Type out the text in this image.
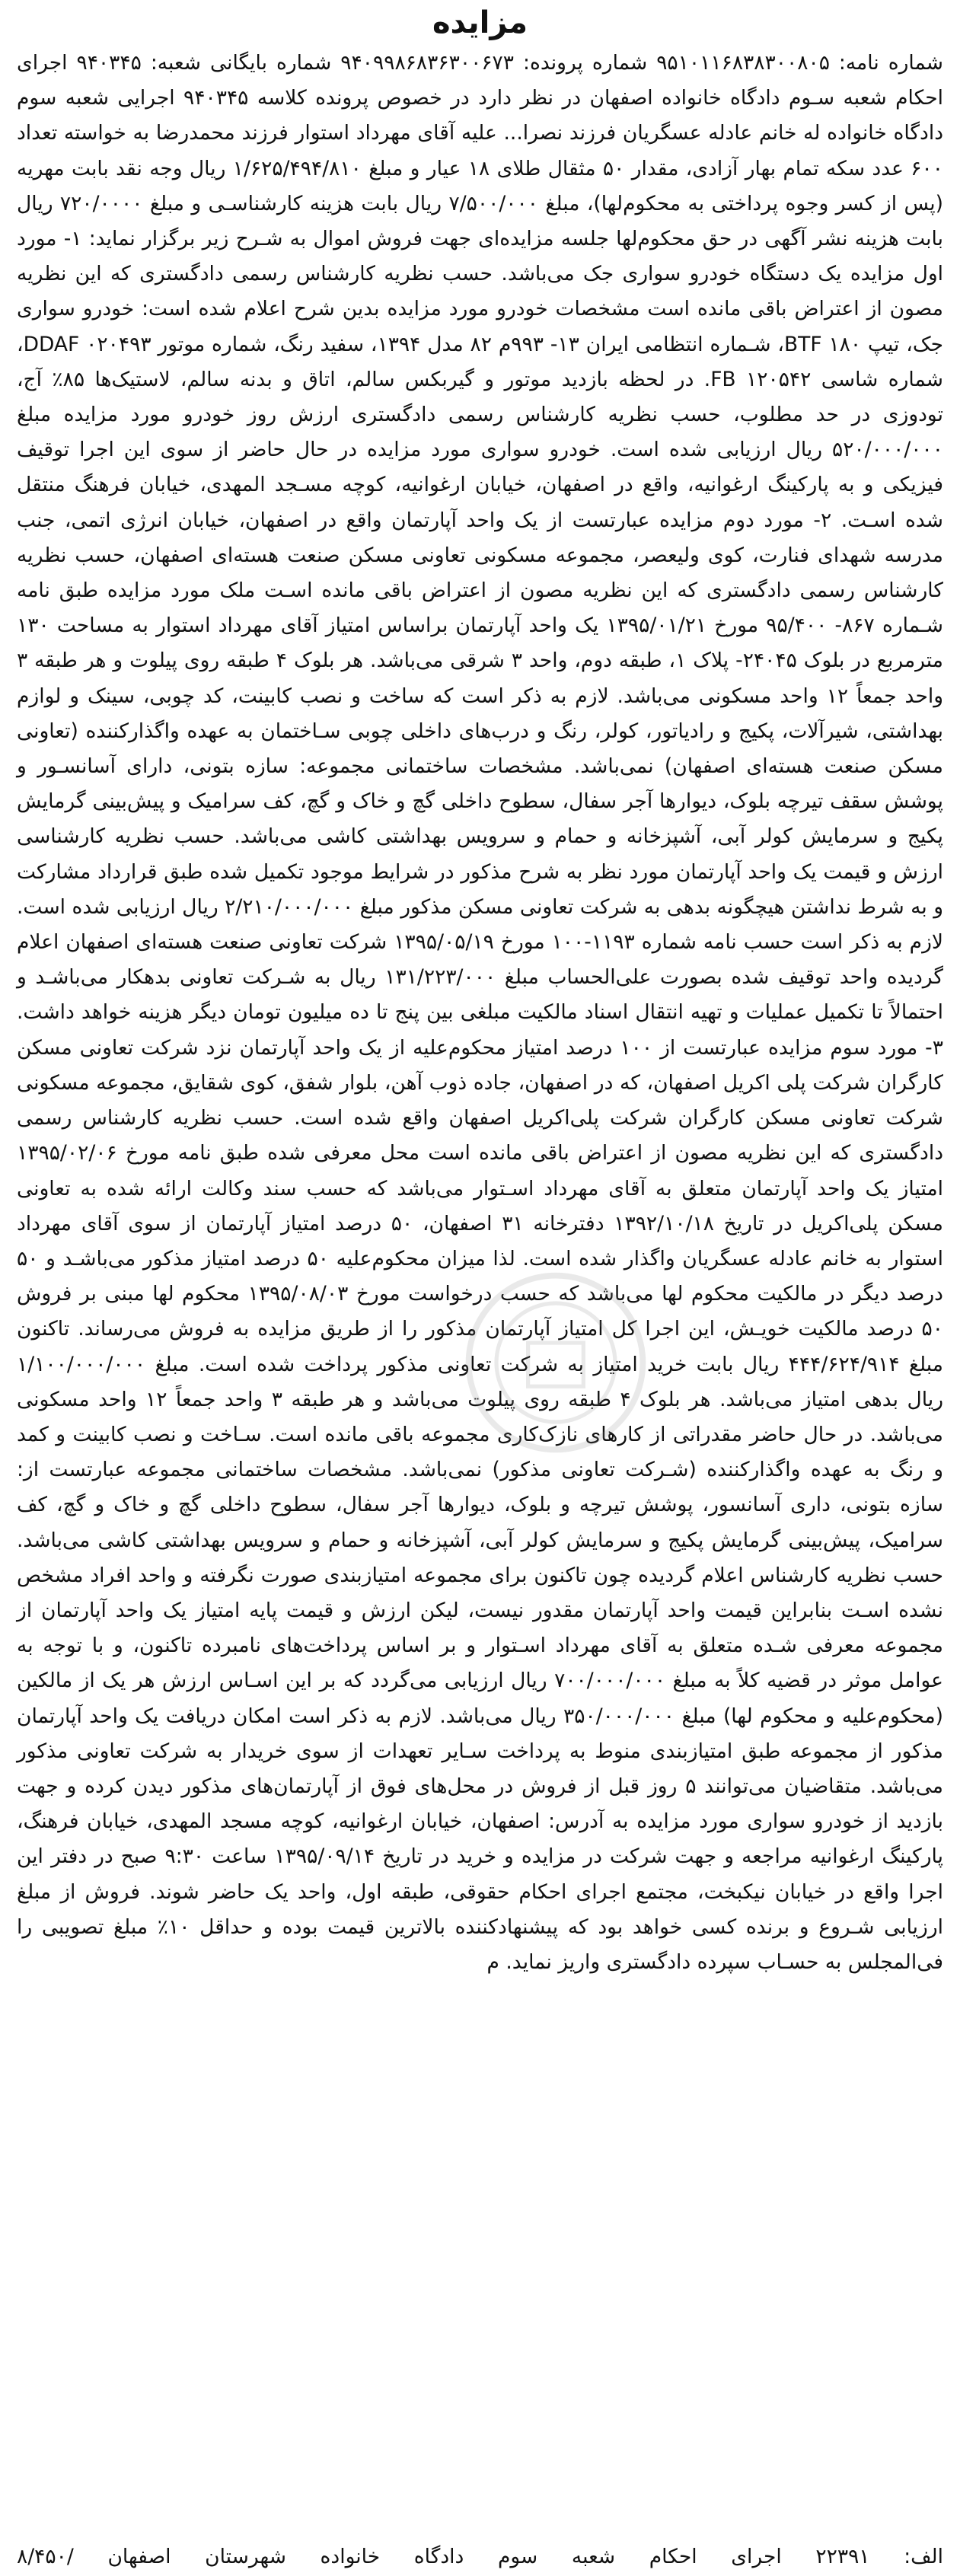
مزایده
شماره نامه: ۹۵۱۰۱۱۶۸۳۸۳۰۰۸۰۵ شماره پرونده: ۹۴۰۹۹۸۶۸۳۶۳۰۰۶۷۳ شماره بایگانی شعبه: ۹۴۰۳۴۵ اجرای احکام شعبه سـوم دادگاه خانواده اصفهان در نظر دارد در خصوص پرونده کلاسه ۹۴۰۳۴۵ اجرایی شعبه سوم دادگاه خانواده له خانم عادله عسگریان فرزند نصرا... علیه آقای مهرداد استوار فرزند محمدرضا به خواسته تعداد ۶۰۰ عدد سکه تمام بهار آزادی، مقدار ۵۰ مثقال طلای ۱۸ عیار و مبلغ ۱/۶۲۵/۴۹۴/۸۱۰ ریال وجه نقد بابت مهریه (پس از کسر وجوه پرداختی به محکوم‌لها)، مبلغ ۷/۵۰۰/۰۰۰ ریال بابت هزینه کارشناسـی و مبلغ ۷۲۰/۰۰۰۰ ریال بابت هزینه نشر آگهی در حق محکوم‌لها جلسه مزایده‌ای جهت فروش اموال به شـرح زیر برگزار نماید: ۱- مورد اول مزایده یک دستگاه خودرو سواری جک می‌باشد. حسب نظریه کارشناس رسمی دادگستری که این نظریه مصون از اعتراض باقی مانده است مشخصات خودرو مورد مزایده بدین شرح اعلام شده است: خودرو سواری جک، تیپ BTF ۱۸۰، شـماره انتظامی ایران ۱۳- ۹۹۳م ۸۲ مدل ۱۳۹۴، سفید رنگ، شماره موتور ۰۲۰۴۹۳ DDAF، شماره شاسی ۱۲۰۵۴۲ FB. در لحظه بازدید موتور و گیربکس سالم، اتاق و بدنه سالم، لاستیک‌ها ۸۵٪ آج، تودوزی در حد مطلوب، حسب نظریه کارشناس رسمی دادگستری ارزش روز خودرو مورد مزایده مبلغ ۵۲۰/۰۰۰/۰۰۰ ریال ارزیابی شده است. خودرو سواری مورد مزایده در حال حاضر از سوی این اجرا توقیف فیزیکی و به پارکینگ ارغوانیه، واقع در اصفهان، خیابان ارغوانیه، کوچه مسـجد المهدی، خیابان فرهنگ منتقل شده اسـت. ۲- مورد دوم مزایده عبارتست از یک واحد آپارتمان واقع در اصفهان، خیابان انرژی اتمی، جنب مدرسه شهدای فنارت، کوی ولیعصر، مجموعه مسکونی تعاونی مسکن صنعت هسته‌ای اصفهان، حسب نظریه کارشناس رسمی دادگستری که این نظریه مصون از اعتراض باقی مانده اسـت ملک مورد مزایده طبق نامه شـماره ۸۶۷- ۹۵/۴۰۰ مورخ ۱۳۹۵/۰۱/۲۱ یک واحد آپارتمان براساس امتیاز آقای مهرداد استوار به مساحت ۱۳۰ مترمربع در بلوک ۲۴۰۴۵- پلاک ۱، طبقه دوم، واحد ۳ شرقی می‌باشد. هر بلوک ۴ طبقه روی پیلوت و هر طبقه ۳ واحد جمعاً ۱۲ واحد مسکونی می‌باشد. لازم به ذکر است که ساخت و نصب کابینت، کد چوبی، سینک و لوازم بهداشتی، شیرآلات، پکیج و رادیاتور، کولر، رنگ و درب‌های داخلی چوبی سـاختمان به عهده واگذارکننده (تعاونی مسکن صنعت هسته‌ای اصفهان) نمی‌باشد. مشخصات ساختمانی مجموعه: سازه بتونی، دارای آسانسـور و پوشش سقف تیرچه بلوک، دیوارها آجر سفال، سطوح داخلی گچ و خاک و گچ، کف سرامیک و پیش‌بینی گرمایش پکیج و سرمایش کولر آبی، آشپزخانه و حمام و سرویس بهداشتی کاشی می‌باشد. حسب نظریه کارشناسی ارزش و قیمت یک واحد آپارتمان مورد نظر به شرح مذکور در شرایط موجود تکمیل شده طبق قرارداد مشارکت و به شرط نداشتن هیچگونه بدهی به شرکت تعاونی مسکن مذکور مبلغ ۲/۲۱۰/۰۰۰/۰۰۰ ریال ارزیابی شده است. لازم به ذکر است حسب نامه شماره ۱۱۹۳-۱۰۰ مورخ ۱۳۹۵/۰۵/۱۹ شرکت تعاونی صنعت هسته‌ای اصفهان اعلام گردیده واحد توقیف شده بصورت علی‌الحساب مبلغ ۱۳۱/۲۲۳/۰۰۰ ریال به شـرکت تعاونی بدهکار می‌باشـد و احتمالاً تا تکمیل عملیات و تهیه انتقال اسناد مالکیت مبلغی بین پنج تا ده میلیون تومان دیگر هزینه خواهد داشت. ۳- مورد سوم مزایده عبارتست از ۱۰۰ درصد امتیاز محکوم‌علیه از یک واحد آپارتمان نزد شرکت تعاونی مسکن کارگران شرکت پلی اکریل اصفهان، که در اصفهان، جاده ذوب آهن، بلوار شفق، کوی شقایق، مجموعه مسکونی شرکت تعاونی مسکن کارگران شرکت پلی‌اکریل اصفهان واقع شده است. حسب نظریه کارشناس رسمی دادگستری که این نظریه مصون از اعتراض باقی مانده است محل معرفی شده طبق نامه مورخ ۱۳۹۵/۰۲/۰۶ امتیاز یک واحد آپارتمان متعلق به آقای مهرداد اسـتوار می‌باشد که حسب سند وکالت ارائه شده به تعاونی مسکن پلی‌اکریل در تاریخ ۱۳۹۲/۱۰/۱۸ دفترخانه ۳۱ اصفهان، ۵۰ درصد امتیاز آپارتمان از سوی آقای مهرداد استوار به خانم عادله عسگریان واگذار شده است. لذا میزان محکوم‌علیه ۵۰ درصد امتیاز مذکور می‌باشـد و ۵۰ درصد دیگر در مالکیت محکوم لها می‌باشد که حسب درخواست مورخ ۱۳۹۵/۰۸/۰۳ محکوم لها مبنی بر فروش ۵۰ درصد مالکیت خویـش، این اجرا کل امتیاز آپارتمان مذکور را از طریق مزایده به فروش می‌رساند. تاکنون مبلغ ۴۴۴/۶۲۴/۹۱۴ ریال بابت خرید امتیاز به شرکت تعاونی مذکور پرداخت شده است. مبلغ ۱/۱۰۰/۰۰۰/۰۰۰ ریال بدهی امتیاز می‌باشد. هر بلوک ۴ طبقه روی پیلوت می‌باشد و هر طبقه ۳ واحد جمعاً ۱۲ واحد مسکونی می‌باشد. در حال حاضر مقدراتی از کارهای نازک‌کاری مجموعه باقی مانده است. سـاخت و نصب کابینت و کمد و رنگ به عهده واگذارکننده (شـرکت تعاونی مذکور) نمی‌باشد. مشخصات ساختمانی مجموعه عبارتست از: سازه بتونی، داری آسانسور، پوشش تیرچه و بلوک، دیوارها آجر سفال، سطوح داخلی گچ و خاک و گچ، کف سرامیک، پیش‌بینی گرمایش پکیج و سرمایش کولر آبی، آشپزخانه و حمام و سرویس بهداشتی کاشی می‌باشد. حسب نظریه کارشناس اعلام گردیده چون تاکنون برای مجموعه امتیازبندی صورت نگرفته و واحد افراد مشخص نشده اسـت بنابراین قیمت واحد آپارتمان مقدور نیست، لیکن ارزش و قیمت پایه امتیاز یک واحد آپارتمان از مجموعه معرفی شـده متعلق به آقای مهرداد اسـتوار و بر اساس پرداخت‌های نامبرده تاکنون، و با توجه به عوامل موثر در قضیه کلاً به مبلغ ۷۰۰/۰۰۰/۰۰۰ ریال ارزیابی می‌گردد که بر این اسـاس ارزش هر یک از مالکین (محکوم‌علیه و محکوم لها) مبلغ ۳۵۰/۰۰۰/۰۰۰ ریال می‌باشد. لازم به ذکر است امکان دریافت یک واحد آپارتمان مذکور از مجموعه طبق امتیازبندی منوط به پرداخت سـایر تعهدات از سوی خریدار به شرکت تعاونی مذکور می‌باشد. متقاضیان می‌توانند ۵ روز قبل از فروش در محل‌های فوق از آپارتمان‌های مذکور دیدن کرده و جهت بازدید از خودرو سواری مورد مزایده به آدرس: اصفهان، خیابان ارغوانیه، کوچه مسجد المهدی، خیابان فرهنگ، پارکینگ ارغوانیه مراجعه و جهت شرکت در مزایده و خرید در تاریخ ۱۳۹۵/۰۹/۱۴ ساعت ۹:۳۰ صبح در دفتر این اجرا واقع در خیابان نیکبخت، مجتمع اجرای احکام حقوقی، طبقه اول، واحد یک حاضر شوند. فروش از مبلغ ارزیابی شـروع و برنده کسی خواهد بود که پیشنهادکننده بالاترین قیمت بوده و حداقل ۱۰٪ مبلغ تصویبی را فی‌المجلس به حسـاب سپرده دادگستری واریز نماید. م
الف: ۲۲۳۹۱ اجرای احکام شعبه سوم دادگاه خانواده شهرستان اصفهان /۸/۴۵۰
